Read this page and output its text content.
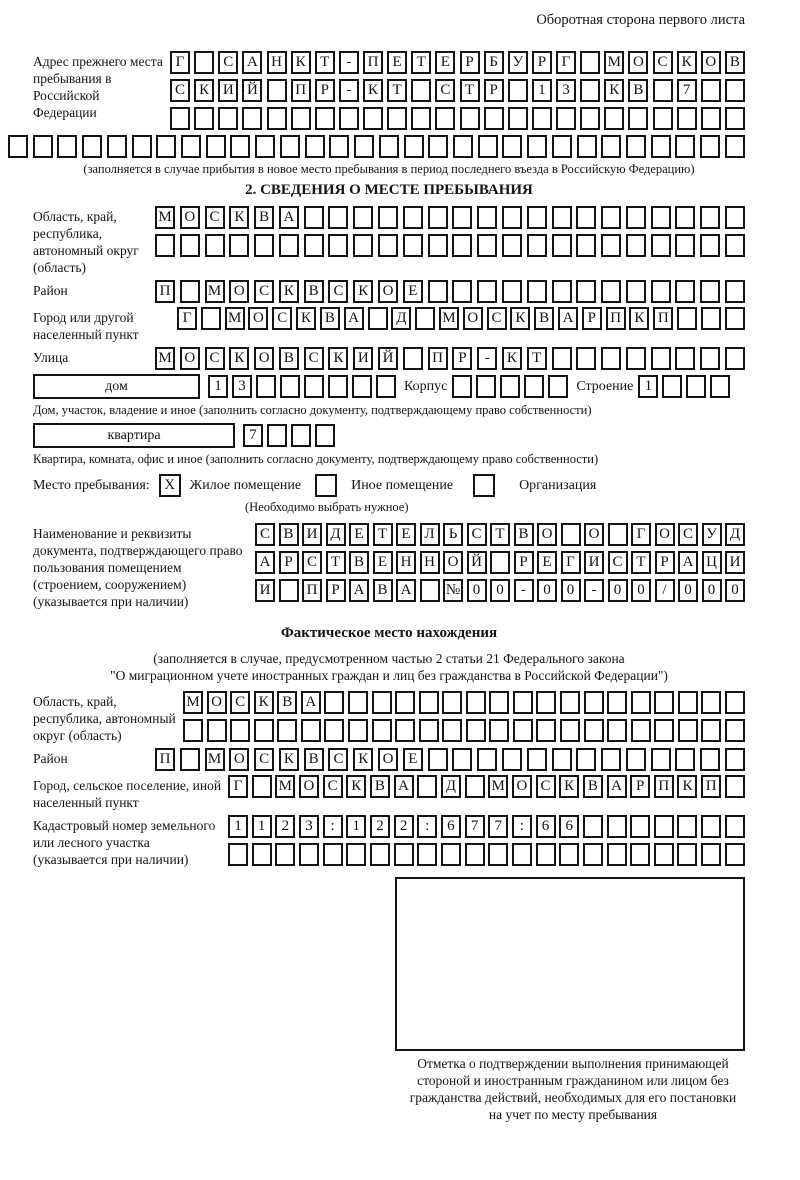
Оборотная сторона первого листа
Адрес прежнего места пребывания в Российской Федерации
Г	С А Н К Т	-	П Е Т Е	Р	Б У Р	Г	М О С К О В
С К И Й	П Р	-	К Т	С Т	Р	1	3	К В	7
(заполняется в случае прибытия в новое место пребывания в период последнего въезда в Российскую Федерацию)
2. СВЕДЕНИЯ О МЕСТЕ ПРЕБЫВАНИЯ
Область, край, республика, автономный округ (область)
М О С К В А
Район	П	М О С К В С К О Е
Город или другой населенный пункт
Г	М О С К В А	Д	М О С К В А Р П К П
Улица	М О С К О В С К И Й	П	Р	-	К	Т
дом	1	3	Корпус	Строение 1
Дом, участок, владение и иное (заполнить согласно документу, подтверждающему право собственности)
квартира	7
Квартира, комната, офис и иное (заполнить согласно документу, подтверждающему право собственности)
Место пребывания: X	Жилое помещение	Иное помещение	Организация
(Необходимо выбрать нужное)
Наименование и реквизиты документа, подтверждающего право пользования помещением (строением, сооружением) (указывается при наличии)
С В И Д Е Т Е Л Ь С Т В О	О	Г О С У Д
А Р С Т В Е Н Н О Й	Р Е Г И С Т Р А Ц И
И	П Р А В А	№ 0	0	-	0	0	-	0	0	/	0	0	0
Фактическое место нахождения
(заполняется в случае, предусмотренном частью 2 статьи 21 Федерального закона
"О миграционном учете иностранных граждан и лиц без гражданства в Российской Федерации")
Область, край, республика, автономный округ (область)
М О С К В А
Район	П	М О С К В С К О Е
Город, сельское поселение, иной населенный пункт
Г	М О С К В А	Д	М О С К В А Р П К П
Кадастровый номер земельного или лесного участка (указывается при наличии)
1	1	2	3	:	1	2	2	:	6	7	7	:	6	6
Отметка о подтверждении выполнения принимающей
стороной и иностранным гражданином или лицом без
гражданства действий, необходимых для его постановки
на учет по месту пребывания
